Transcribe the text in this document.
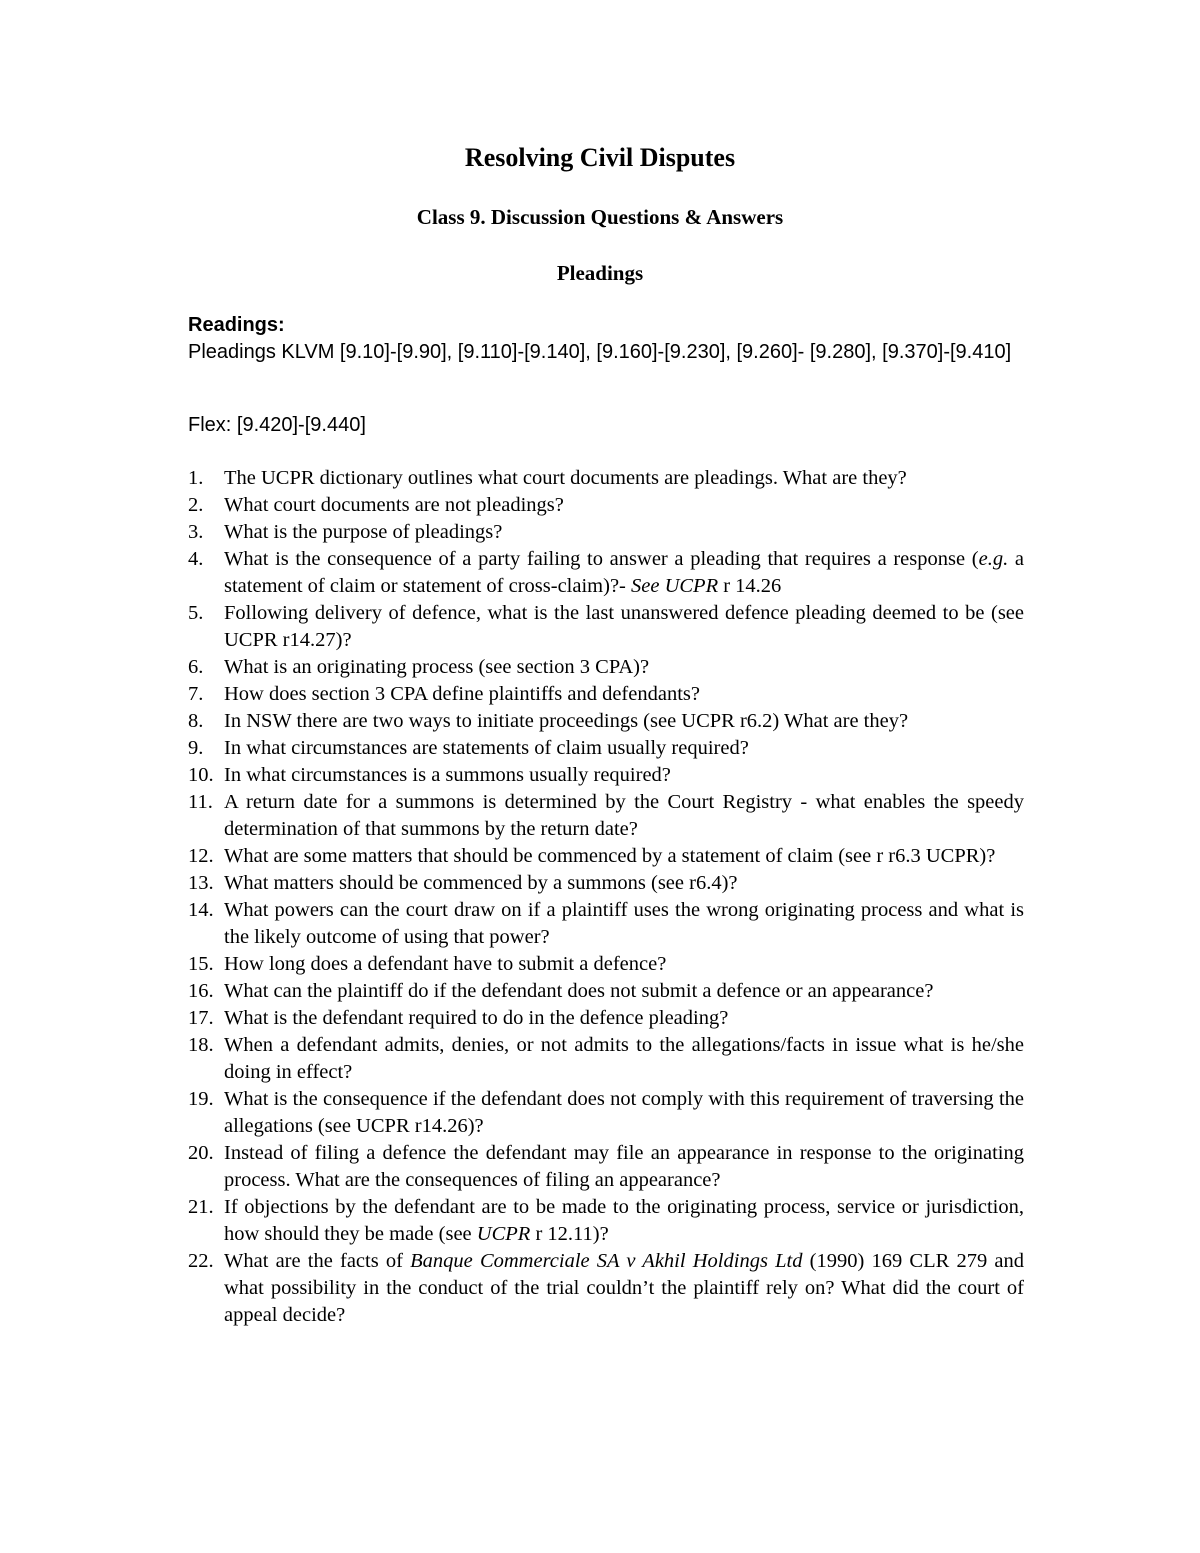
Resolving Civil Disputes
Class 9. Discussion Questions & Answers
Pleadings
Readings:
Pleadings KLVM [9.10]-[9.90], [9.110]-[9.140], [9.160]-[9.230], [9.260]- [9.280], [9.370]-[9.410]
Flex: [9.420]-[9.440]
1. The UCPR dictionary outlines what court documents are pleadings. What are they?
2. What court documents are not pleadings?
3. What is the purpose of pleadings?
4. What is the consequence of a party failing to answer a pleading that requires a response (e.g. a statement of claim or statement of cross-claim)?- See UCPR r 14.26
5. Following delivery of defence, what is the last unanswered defence pleading deemed to be (see UCPR r14.27)?
6. What is an originating process (see section 3 CPA)?
7. How does section 3 CPA define plaintiffs and defendants?
8. In NSW there are two ways to initiate proceedings (see UCPR r6.2) What are they?
9. In what circumstances are statements of claim usually required?
10. In what circumstances is a summons usually required?
11. A return date for a summons is determined by the Court Registry - what enables the speedy determination of that summons by the return date?
12. What are some matters that should be commenced by a statement of claim (see r r6.3 UCPR)?
13. What matters should be commenced by a summons (see r6.4)?
14. What powers can the court draw on if a plaintiff uses the wrong originating process and what is the likely outcome of using that power?
15. How long does a defendant have to submit a defence?
16. What can the plaintiff do if the defendant does not submit a defence or an appearance?
17. What is the defendant required to do in the defence pleading?
18. When a defendant admits, denies, or not admits to the allegations/facts in issue what is he/she doing in effect?
19. What is the consequence if the defendant does not comply with this requirement of traversing the allegations (see UCPR r14.26)?
20. Instead of filing a defence the defendant may file an appearance in response to the originating process. What are the consequences of filing an appearance?
21. If objections by the defendant are to be made to the originating process, service or jurisdiction, how should they be made (see UCPR r 12.11)?
22. What are the facts of Banque Commerciale SA v Akhil Holdings Ltd (1990) 169 CLR 279 and what possibility in the conduct of the trial couldn’t the plaintiff rely on? What did the court of appeal decide?
